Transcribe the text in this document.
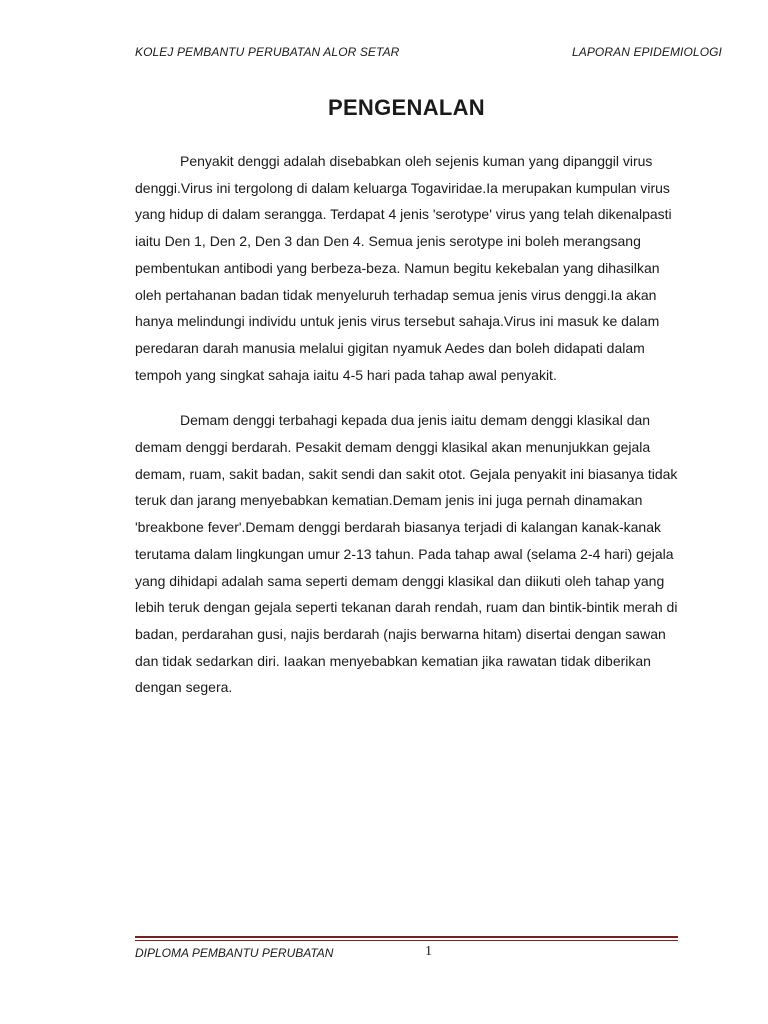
KOLEJ PEMBANTU PERUBATAN ALOR SETAR	LAPORAN EPIDEMIOLOGI
PENGENALAN

Penyakit denggi adalah disebabkan oleh sejenis kuman yang dipanggil virus denggi.Virus ini tergolong di dalam keluarga Togaviridae.Ia merupakan kumpulan virus yang hidup di dalam serangga. Terdapat 4 jenis 'serotype' virus yang telah dikenalpasti iaitu Den 1, Den 2, Den 3 dan Den 4. Semua jenis serotype ini boleh merangsang pembentukan antibodi yang berbeza-beza. Namun begitu kekebalan yang dihasilkan oleh pertahanan badan tidak menyeluruh terhadap semua jenis virus denggi.Ia akan hanya melindungi individu untuk jenis virus tersebut sahaja.Virus ini masuk ke dalam peredaran darah manusia melalui gigitan nyamuk Aedes dan boleh didapati dalam tempoh yang singkat sahaja iaitu 4-5 hari pada tahap awal penyakit.

Demam denggi terbahagi kepada dua jenis iaitu demam denggi klasikal dan demam denggi berdarah. Pesakit demam denggi klasikal akan menunjukkan gejala demam, ruam, sakit badan, sakit sendi dan sakit otot. Gejala penyakit ini biasanya tidak teruk dan jarang menyebabkan kematian.Demam jenis ini juga pernah dinamakan 'breakbone fever'.Demam denggi berdarah biasanya terjadi di kalangan kanak-kanak terutama dalam lingkungan umur 2-13 tahun. Pada tahap awal (selama 2-4 hari) gejala yang dihidapi adalah sama seperti demam denggi klasikal dan diikuti oleh tahap yang lebih teruk dengan gejala seperti tekanan darah rendah, ruam dan bintik-bintik merah di badan, perdarahan gusi, najis berdarah (najis berwarna hitam) disertai dengan sawan dan tidak sedarkan diri. Iaakan menyebabkan kematian jika rawatan tidak diberikan dengan segera.

DIPLOMA PEMBANTU PERUBATAN	1
